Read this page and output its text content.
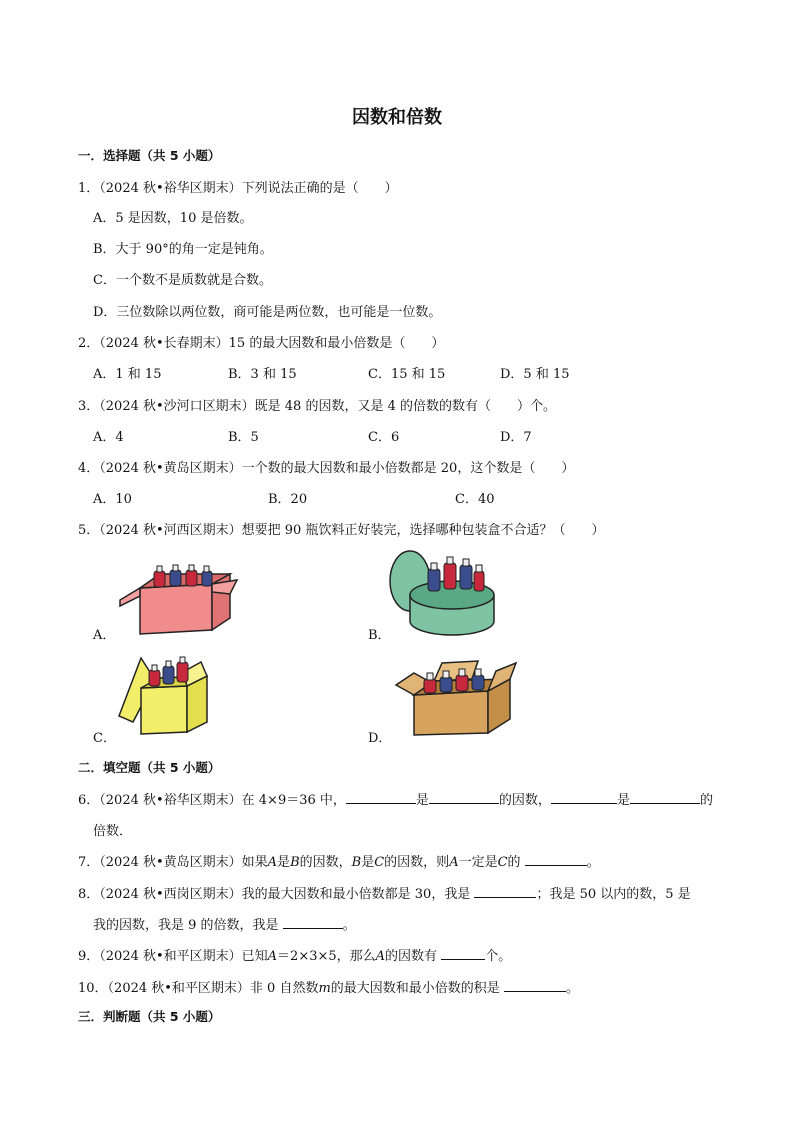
因数和倍数
一．选择题（共 5 小题）
1．（2024 秋•裕华区期末）下列说法正确的是（　　）
A．5 是因数，10 是倍数。
B．大于 90°的角一定是钝角。
C．一个数不是质数就是合数。
D．三位数除以两位数，商可能是两位数，也可能是一位数。
2．（2024 秋•长春期末）15 的最大因数和最小倍数是（　　）
A．1 和 15	B．3 和 15	C．15 和 15	D．5 和 15
3．（2024 秋•沙河口区期末）既是 48 的因数，又是 4 的倍数的数有（　　）个。
A．4	B．5	C．6	D．7
4．（2024 秋•黄岛区期末）一个数的最大因数和最小倍数都是 20，这个数是（　　）
A．10	B．20	C．40
5．（2024 秋•河西区期末）想要把 90 瓶饮料正好装完，选择哪种包装盒不合适？（　　）
A．	B．
C．	D．
二．填空题（共 5 小题）
6．（2024 秋•裕华区期末）在 4×9＝36 中，	是	的因数，	是	的
倍数．
7．（2024 秋•黄岛区期末）如果A是B的因数，B是C的因数，则A一定是C的	。
8．（2024 秋•西岗区期末）我的最大因数和最小倍数都是 30，我是	；我是 50 以内的数，5 是
我的因数，我是 9 的倍数，我是	。
9．（2024 秋•和平区期末）已知A＝2×3×5，那么A的因数有	个。
10．（2024 秋•和平区期末）非 0 自然数m的最大因数和最小倍数的积是	。
三．判断题（共 5 小题）
